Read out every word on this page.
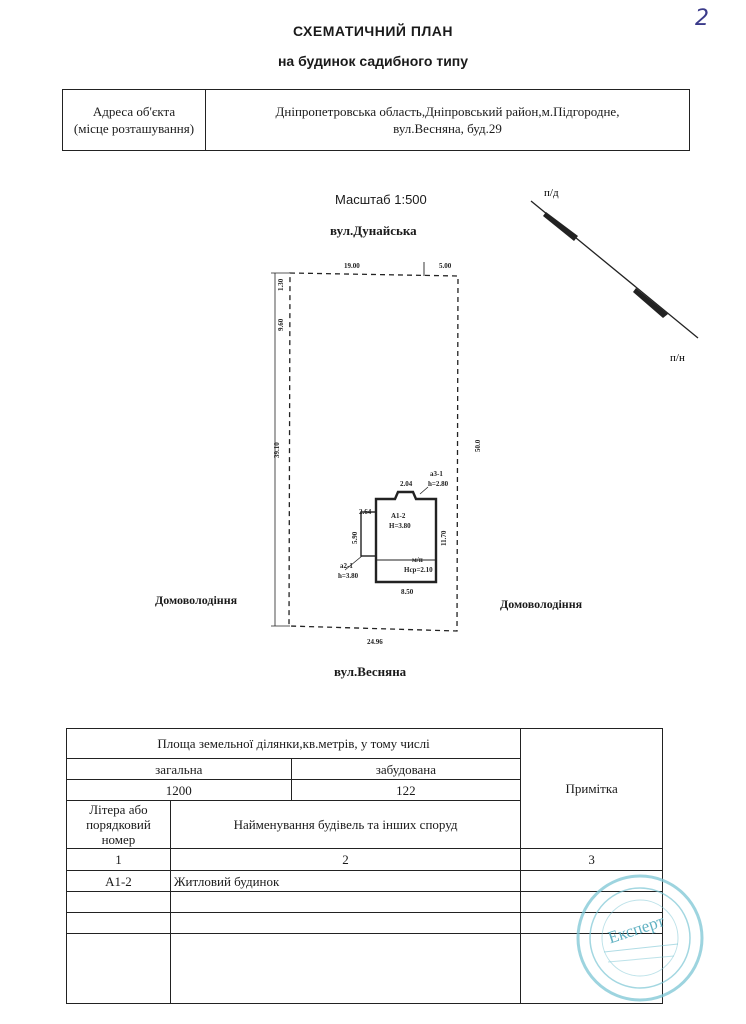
2
СХЕМАТИЧНИЙ ПЛАН
на будинок садибного типу
Адреса об'єкта
(місце розташування)

Дніпропетровська область,Дніпровський район,м.Підгородне,
вул.Весняна, буд.29
Масштаб 1:500
вул.Дунайська
вул.Весняна
Домоволодіння	Домоволодіння
п/д
п/н
19.00	5.00
1.30
9.60
39.10	50.0
24.96
8.50
11.70
2.04
2.64
5.90
А1-2
Н=3.80
а3-1
h=2.80
а2-1
h=3.80
м/п
Нср=2.10
Площа земельної ділянки,кв.метрів, у тому числі			Примітка
загальна		забудована	
1200		122	
Літера або порядковий номер	Найменування будівель та інших споруд		
1	2		3
А1-2	Житловий будинок		

Експерт
